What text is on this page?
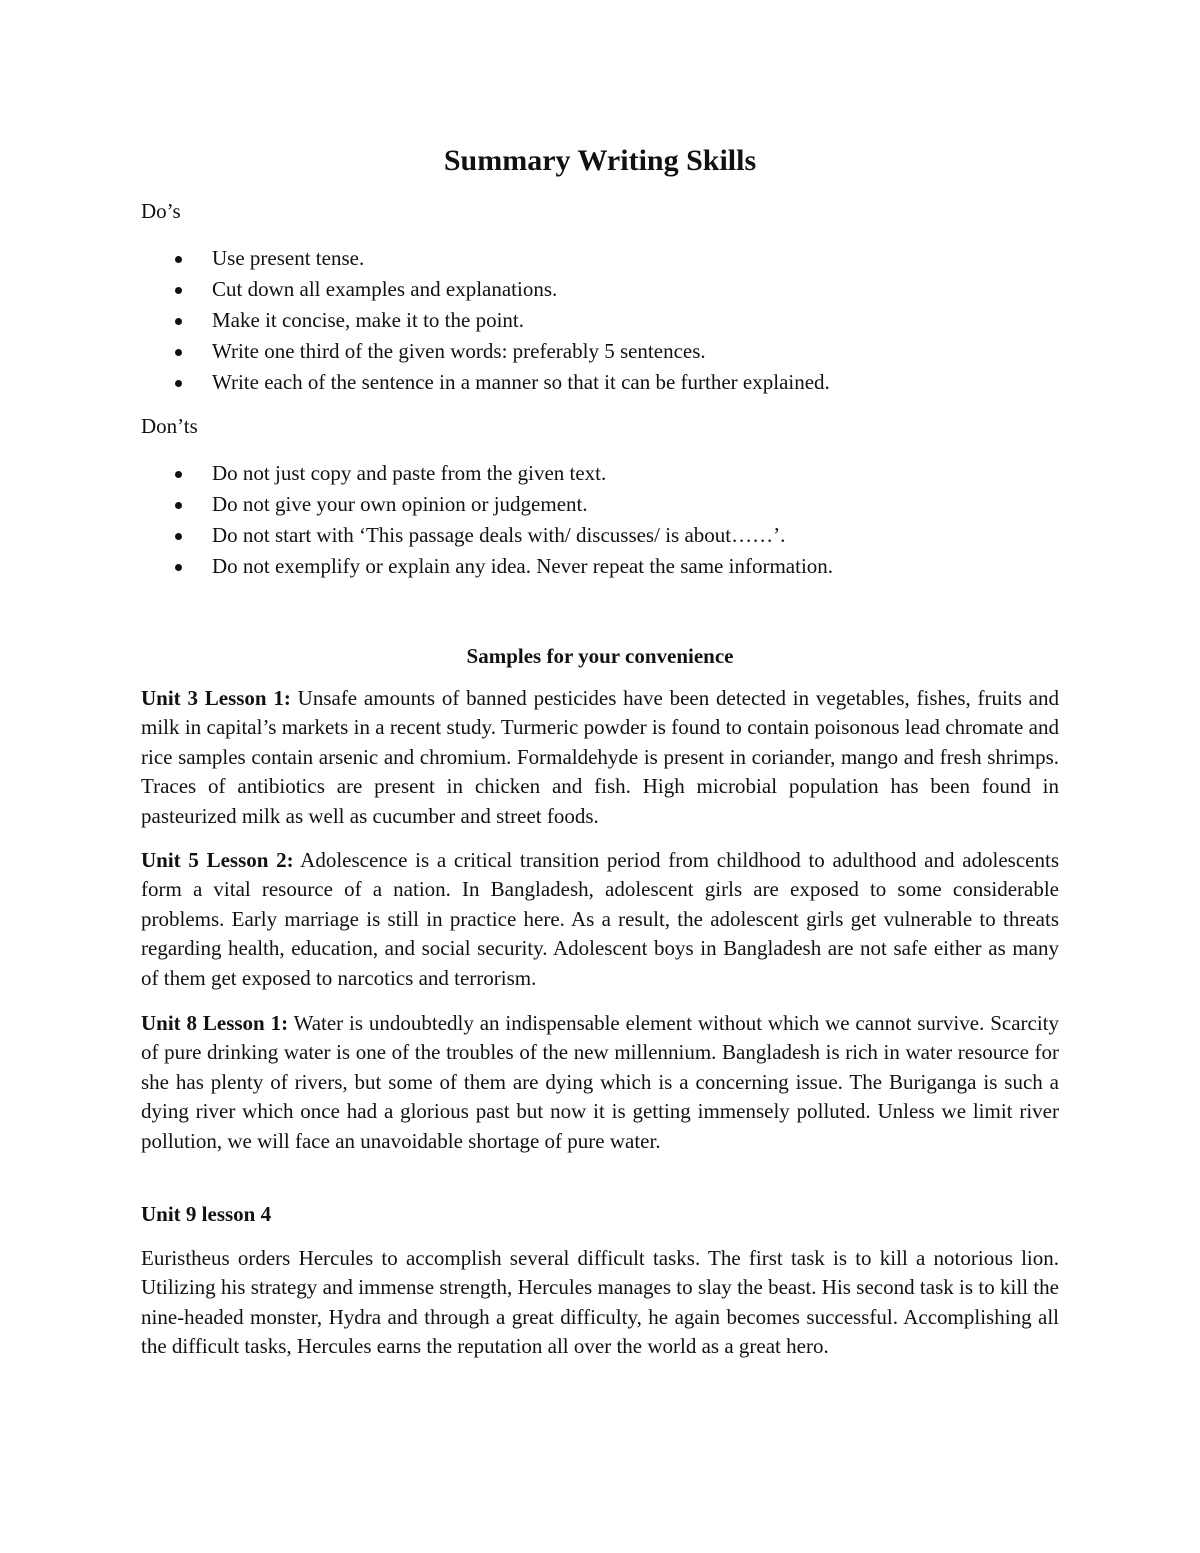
Summary Writing Skills

Do’s

Use present tense.
Cut down all examples and explanations.
Make it concise, make it to the point.
Write one third of the given words: preferably 5 sentences.
Write each of the sentence in a manner so that it can be further explained.

Don’ts

Do not just copy and paste from the given text.
Do not give your own opinion or judgement.
Do not start with ‘This passage deals with/ discusses/ is about……’.
Do not exemplify or explain any idea. Never repeat the same information.

Samples for your convenience

Unit 3 Lesson 1: Unsafe amounts of banned pesticides have been detected in vegetables, fishes, fruits and milk in capital’s markets in a recent study. Turmeric powder is found to contain poisonous lead chromate and rice samples contain arsenic and chromium. Formaldehyde is present in coriander, mango and fresh shrimps. Traces of antibiotics are present in chicken and fish. High microbial population has been found in pasteurized milk as well as cucumber and street foods.

Unit 5 Lesson 2: Adolescence is a critical transition period from childhood to adulthood and adolescents form a vital resource of a nation. In Bangladesh, adolescent girls are exposed to some considerable problems. Early marriage is still in practice here. As a result, the adolescent girls get vulnerable to threats regarding health, education, and social security. Adolescent boys in Bangladesh are not safe either as many of them get exposed to narcotics and terrorism.

Unit 8 Lesson 1: Water is undoubtedly an indispensable element without which we cannot survive. Scarcity of pure drinking water is one of the troubles of the new millennium. Bangladesh is rich in water resource for she has plenty of rivers, but some of them are dying which is a concerning issue. The Buriganga is such a dying river which once had a glorious past but now it is getting immensely polluted. Unless we limit river pollution, we will face an unavoidable shortage of pure water.

Unit 9 lesson 4

Euristheus orders Hercules to accomplish several difficult tasks. The first task is to kill a notorious lion. Utilizing his strategy and immense strength, Hercules manages to slay the beast. His second task is to kill the nine-headed monster, Hydra and through a great difficulty, he again becomes successful. Accomplishing all the difficult tasks, Hercules earns the reputation all over the world as a great hero.
